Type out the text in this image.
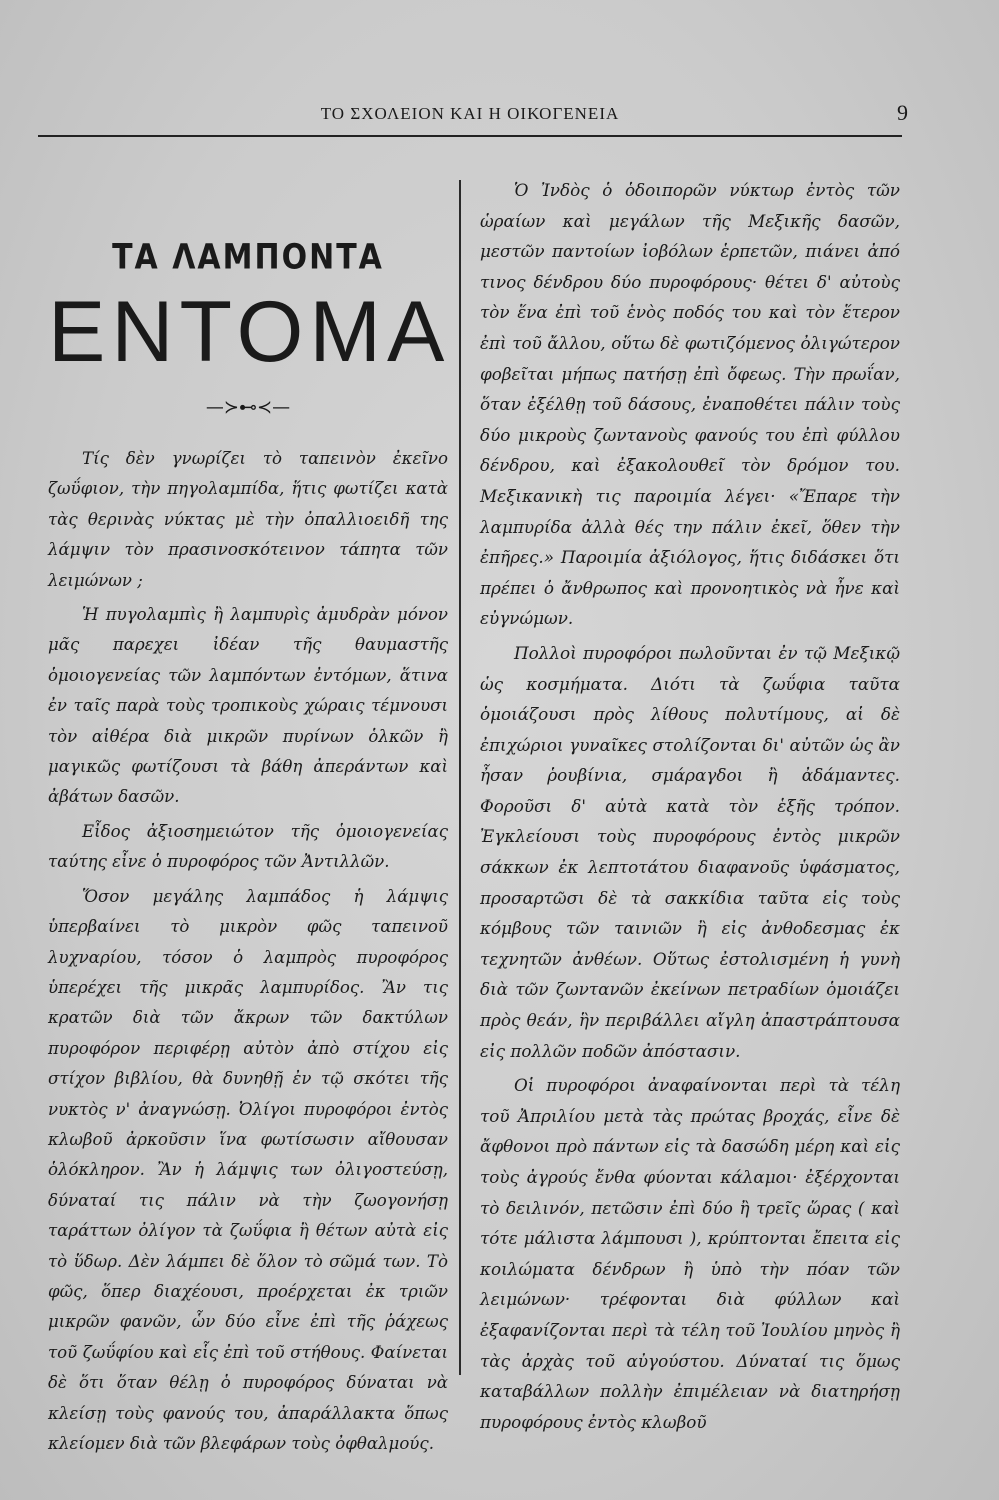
ΤΟ ΣΧΟΛΕΙΟΝ ΚΑΙ Η ΟΙΚΟΓΕΝΕΙΑ	9
ΤΑ ΛΑΜΠΟΝΤΑ
ΕΝΤΟΜΑ
—≻⊷≺—

Τίς δὲν γνωρίζει τὸ ταπεινὸν ἐκεῖνο ζωΰφιον, τὴν πηγολαμπίδα, ἥτις φωτίζει κατὰ τὰς θερινὰς νύκτας μὲ τὴν ὀπαλλιοειδῆ της λάμψιν τὸν πρασινοσκότεινον τάπητα τῶν λειμώνων ;

Ἡ πυγολαμπὶς ἢ λαμπυρὶς ἀμυδρὰν μόνον μᾶς παρεχει ἰδέαν τῆς θαυμαστῆς ὁμοιογενείας τῶν λαμπόντων ἐντόμων, ἅτινα ἐν ταῖς παρὰ τοὺς τροπικοὺς χώραις τέμνουσι τὸν αἰθέρα διὰ μικρῶν πυρίνων ὁλκῶν ἢ μαγικῶς φωτίζουσι τὰ βάθη ἀπεράντων καὶ ἀβάτων δασῶν.

Εἶδος ἀξιοσημειώτον τῆς ὁμοιογενείας ταύτης εἶνε ὁ πυροφόρος τῶν Ἀντιλλῶν.

Ὅσον μεγάλης λαμπάδος ἡ λάμψις ὑπερβαίνει τὸ μικρὸν φῶς ταπεινοῦ λυχναρίου, τόσον ὁ λαμπρὸς πυροφόρος ὑπερέχει τῆς μικρᾶς λαμπυρίδος. Ἂν τις κρατῶν διὰ τῶν ἄκρων τῶν δακτύλων πυροφόρον περιφέρῃ αὐτὸν ἀπὸ στίχου εἰς στίχον βιβλίου, θὰ δυνηθῇ ἐν τῷ σκότει τῆς νυκτὸς ν' ἀναγνώσῃ. Ὀλίγοι πυροφόροι ἐντὸς κλωβοῦ ἀρκοῦσιν ἵνα φωτίσωσιν αἴθουσαν ὁλόκληρον. Ἂν ἡ λάμψις των ὀλιγοστεύσῃ, δύναταί τις πάλιν νὰ τὴν ζωογονήσῃ ταράττων ὀλίγον τὰ ζωΰφια ἢ θέτων αὐτὰ εἰς τὸ ὕδωρ. Δὲν λάμπει δὲ ὅλον τὸ σῶμά των. Τὸ φῶς, ὅπερ διαχέουσι, προέρχεται ἐκ τριῶν μικρῶν φανῶν, ὧν δύο εἶνε ἐπὶ τῆς ῥάχεως τοῦ ζωΰφίου καὶ εἷς ἐπὶ τοῦ στήθους. Φαίνεται δὲ ὅτι ὅταν θέλῃ ὁ πυροφόρος δύναται νὰ κλείσῃ τοὺς φανούς του, ἀπαράλλακτα ὅπως κλείομεν διὰ τῶν βλεφάρων τοὺς ὀφθαλμούς.

Ὁ Ἰνδὸς ὁ ὁδοιπορῶν νύκτωρ ἐντὸς τῶν ὡραίων καὶ μεγάλων τῆς Μεξικῆς δασῶν, μεστῶν παντοίων ἰοβόλων ἑρπετῶν, πιάνει ἀπό τινος δένδρου δύο πυροφόρους· θέτει δ' αὐτοὺς τὸν ἕνα ἐπὶ τοῦ ἑνὸς ποδός του καὶ τὸν ἕτερον ἐπὶ τοῦ ἄλλου, οὕτω δὲ φωτιζόμενος ὀλιγώτερον φοβεῖται μήπως πατήσῃ ἐπὶ ὄφεως. Τὴν πρωΐαν, ὅταν ἐξέλθῃ τοῦ δάσους, ἐναποθέτει πάλιν τοὺς δύο μικροὺς ζωντανοὺς φανούς του ἐπὶ φύλλου δένδρου, καὶ ἐξακολουθεῖ τὸν δρόμον του. Μεξικανικὴ τις παροιμία λέγει· «Ἔπαρε τὴν λαμπυρίδα ἀλλὰ θές την πάλιν ἐκεῖ, ὅθεν τὴν ἐπῆρες.» Παροιμία ἀξιόλογος, ἥτις διδάσκει ὅτι πρέπει ὁ ἄνθρωπος καὶ προνοητικὸς νὰ ἦνε καὶ εὐγνώμων.

Πολλοὶ πυροφόροι πωλοῦνται ἐν τῷ Μεξικῷ ὡς κοσμήματα. Διότι τὰ ζωΰφια ταῦτα ὁμοιάζουσι πρὸς λίθους πολυτίμους, αἱ δὲ ἐπιχώριοι γυναῖκες στολίζονται δι' αὐτῶν ὡς ἂν ἦσαν ῥουβίνια, σμάραγδοι ἢ ἀδάμαντες. Φοροῦσι δ' αὐτὰ κατὰ τὸν ἑξῆς τρόπον. Ἐγκλείουσι τοὺς πυροφόρους ἐντὸς μικρῶν σάκκων ἐκ λεπτοτάτου διαφανοῦς ὑφάσματος, προσαρτῶσι δὲ τὰ σακκίδια ταῦτα εἰς τοὺς κόμβους τῶν ταινιῶν ἢ εἰς ἀνθοδεσμας ἐκ τεχνητῶν ἀνθέων. Οὕτως ἐστολισμένη ἡ γυνὴ διὰ τῶν ζωντανῶν ἐκείνων πετραδίων ὁμοιάζει πρὸς θεάν, ἣν περιβάλλει αἴγλη ἀπαστράπτουσα εἰς πολλῶν ποδῶν ἀπόστασιν.

Οἱ πυροφόροι ἀναφαίνονται περὶ τὰ τέλη τοῦ Ἀπριλίου μετὰ τὰς πρώτας βροχάς, εἶνε δὲ ἄφθονοι πρὸ πάντων εἰς τὰ δασώδη μέρη καὶ εἰς τοὺς ἀγρούς ἔνθα φύονται κάλαμοι· ἐξέρχονται τὸ δειλινόν, πετῶσιν ἐπὶ δύο ἢ τρεῖς ὥρας ( καὶ τότε μάλιστα λάμπουσι ), κρύπτονται ἔπειτα εἰς κοιλώματα δένδρων ἢ ὑπὸ τὴν πόαν τῶν λειμώνων· τρέφονται διὰ φύλλων καὶ ἐξαφανίζονται περὶ τὰ τέλη τοῦ Ἰουλίου μηνὸς ἢ τὰς ἀρχὰς τοῦ αὐγούστου. Δύναταί τις ὅμως καταβάλλων πολλὴν ἐπιμέλειαν νὰ διατηρήσῃ πυροφόρους ἐντὸς κλωβοῦ
